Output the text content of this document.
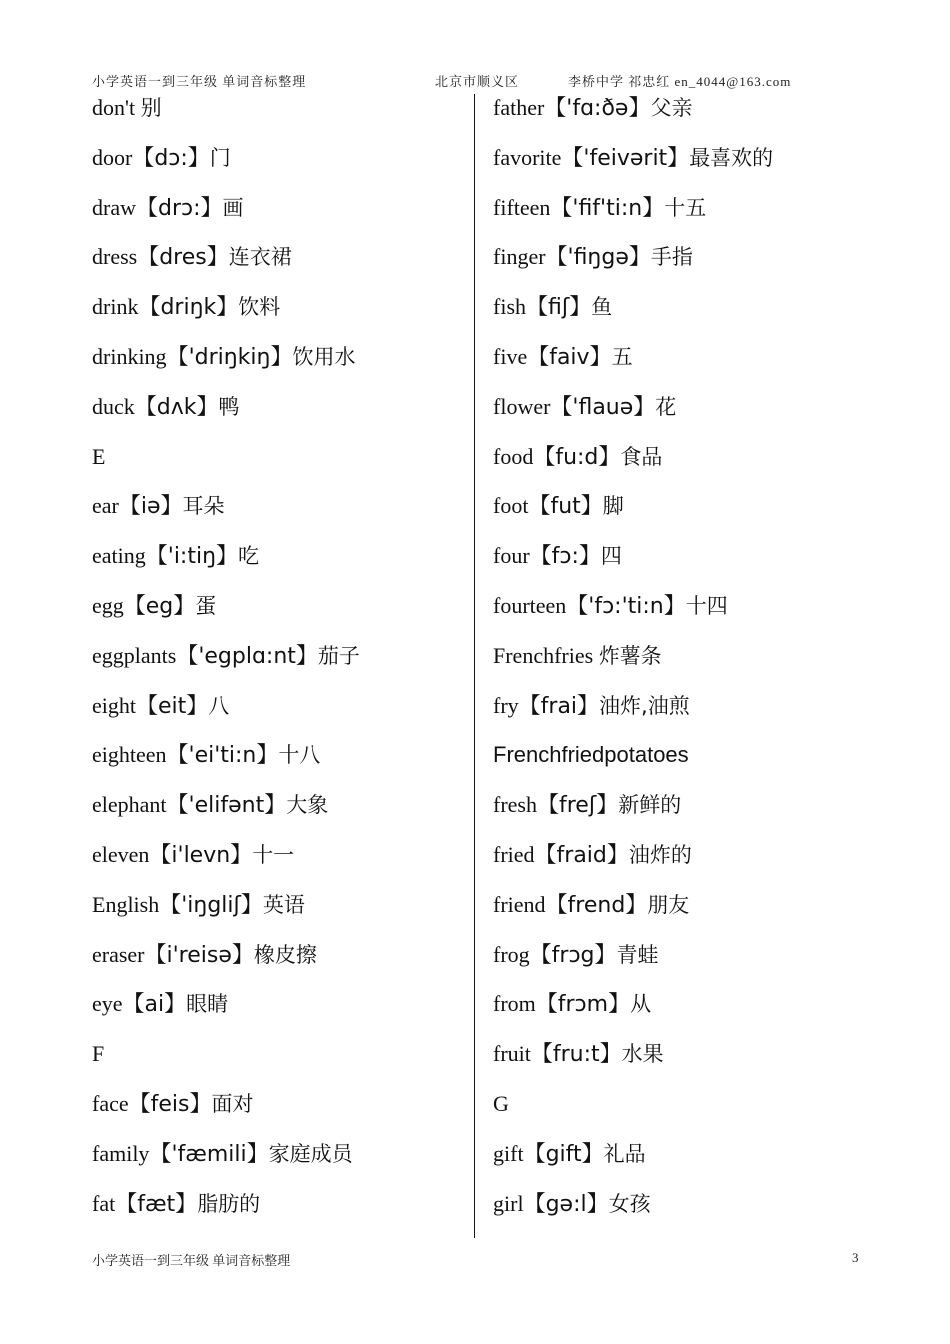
小学英语一到三年级 单词音标整理	北京市顺义区	李桥中学 祁忠红 en_4044@163.com
don't 别
door【dɔ:】门
draw【drɔ:】画
dress【dres】连衣裙
drink【driŋk】饮料
drinking【'driŋkiŋ】饮用水
duck【dʌk】鸭
E
ear【iə】耳朵
eating【'i:tiŋ】吃
egg【eg】蛋
eggplants【'egplɑ:nt】茄子
eight【eit】八
eighteen【'ei'ti:n】十八
elephant【'elifənt】大象
eleven【i'levn】十一
English【'iŋgliʃ】英语
eraser【i'reisə】橡皮擦
eye【ai】眼睛
F
face【feis】面对
family【'fæmili】家庭成员
fat【fæt】脂肪的
father【'fɑ:ðə】父亲
favorite【'feivərit】最喜欢的
fifteen【'fif'ti:n】十五
finger【'fiŋgə】手指
fish【fiʃ】鱼
five【faiv】五
flower【'flauə】花
food【fu:d】食品
foot【fut】脚
four【fɔ:】四
fourteen【'fɔ:'ti:n】十四
Frenchfries 炸薯条
fry【frai】油炸,油煎
Frenchfriedpotatoes
fresh【freʃ】新鲜的
fried【fraid】油炸的
friend【frend】朋友
frog【frɔg】青蛙
from【frɔm】从
fruit【fru:t】水果
G
gift【gift】礼品
girl【gə:l】女孩
小学英语一到三年级 单词音标整理	3
